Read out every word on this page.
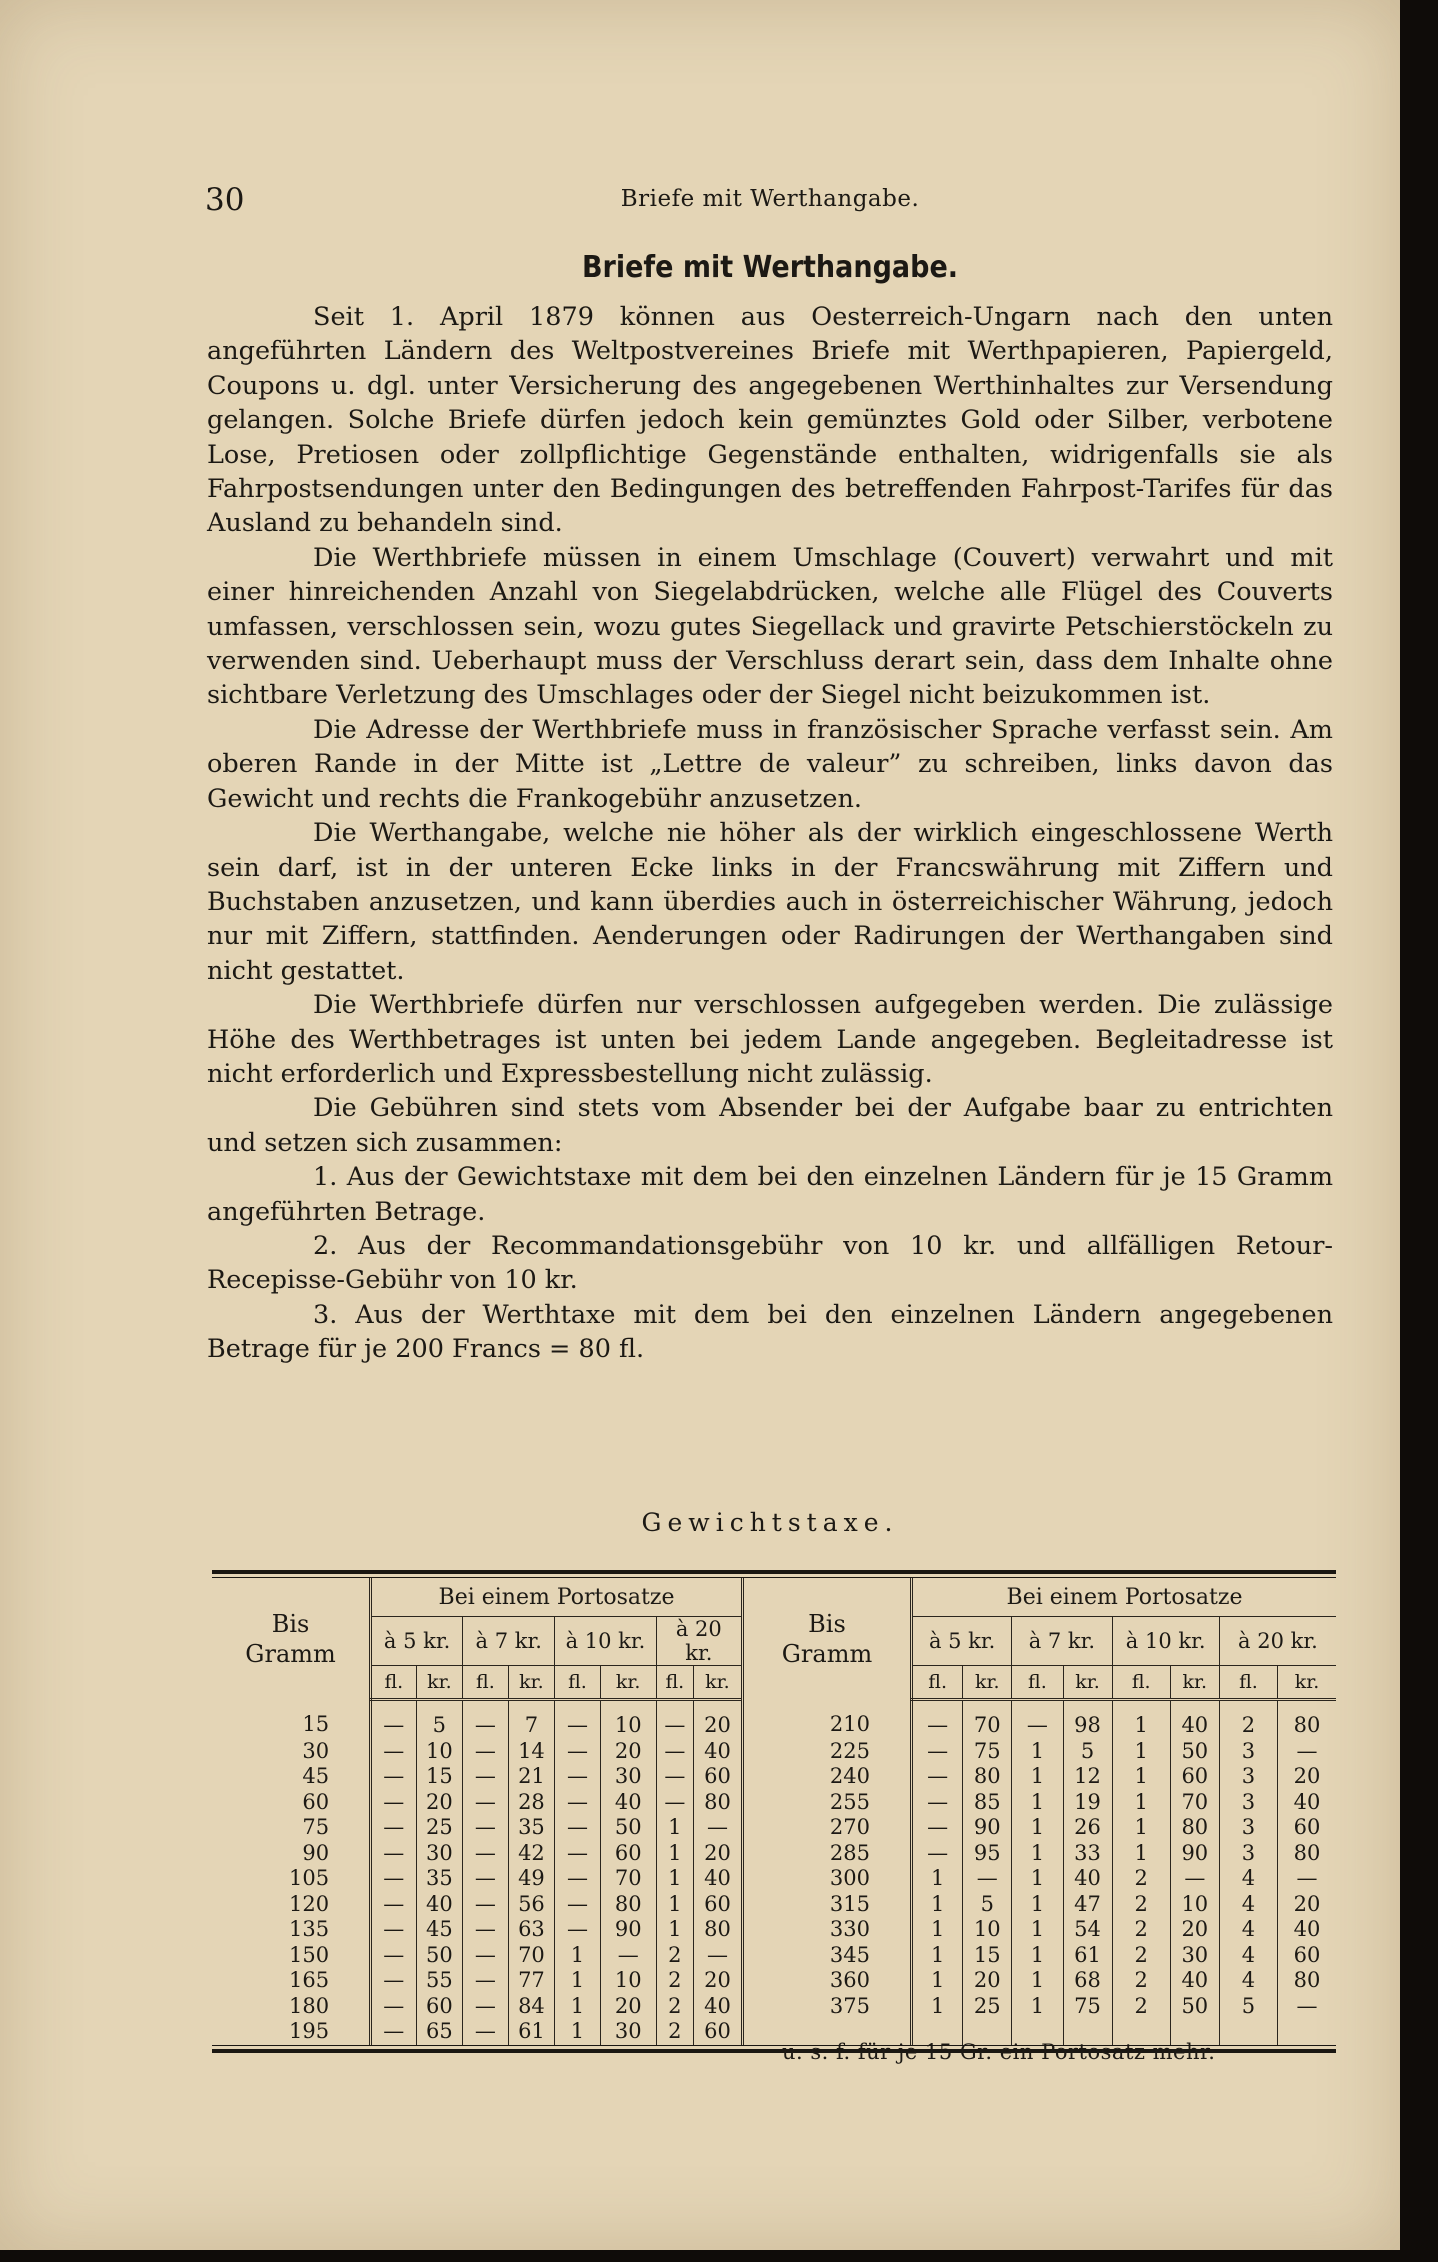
30	Briefe mit Werthangabe.
Briefe mit Werthangabe.

Seit 1. April 1879 können aus Oesterreich-Ungarn nach den unten angeführten Ländern des Weltpostvereines Briefe mit Werthpapieren, Papiergeld, Coupons u. dgl. unter Versicherung des angegebenen Werthinhaltes zur Versendung gelangen. Solche Briefe dürfen jedoch kein gemünztes Gold oder Silber, verbotene Lose, Pretiosen oder zollpflichtige Gegenstände enthalten, widrigenfalls sie als Fahrpostsendungen unter den Bedingungen des betreffenden Fahrpost-Tarifes für das Ausland zu behandeln sind.

Die Werthbriefe müssen in einem Umschlage (Couvert) verwahrt und mit einer hinreichenden Anzahl von Siegelabdrücken, welche alle Flügel des Couverts umfassen, verschlossen sein, wozu gutes Siegellack und gravirte Petschierstöckeln zu verwenden sind. Ueberhaupt muss der Verschluss derart sein, dass dem Inhalte ohne sichtbare Verletzung des Umschlages oder der Siegel nicht beizukommen ist.

Die Adresse der Werthbriefe muss in französischer Sprache verfasst sein. Am oberen Rande in der Mitte ist „Lettre de valeur” zu schreiben, links davon das Gewicht und rechts die Frankogebühr anzusetzen.

Die Werthangabe, welche nie höher als der wirklich eingeschlossene Werth sein darf, ist in der unteren Ecke links in der Francswährung mit Ziffern und Buchstaben anzusetzen, und kann überdies auch in österreichischer Währung, jedoch nur mit Ziffern, stattfinden. Aenderungen oder Radirungen der Werthangaben sind nicht gestattet.

Die Werthbriefe dürfen nur verschlossen aufgegeben werden. Die zulässige Höhe des Werthbetrages ist unten bei jedem Lande angegeben. Begleitadresse ist nicht erforderlich und Expressbestellung nicht zulässig.

Die Gebühren sind stets vom Absender bei der Aufgabe baar zu entrichten und setzen sich zusammen:

1. Aus der Gewichtstaxe mit dem bei den einzelnen Ländern für je 15 Gramm angeführten Betrage.

2. Aus der Recommandationsgebühr von 10 kr. und allfälligen Retour-Recepisse-Gebühr von 10 kr.

3. Aus der Werthtaxe mit dem bei den einzelnen Ländern angegebenen Betrage für je 200 Francs = 80 fl.

Gewichtstaxe.
Bis
Gramm	Bei einem Portosatze								Bis
Gramm	Bei einem Portosatze							
	à 5 kr.		à 7 kr.		à 10 kr.		à 20 kr.			à 5 kr.		à 7 kr.		à 10 kr.		à 20 kr.	
	fl.	kr.	fl.	kr.	fl.	kr.	fl.	kr.		fl.	kr.	fl.	kr.	fl.	kr.	fl.	kr.
15	—	5	—	7	—	10	—	20	210	—	70	—	98	1	40	2	80
30	—	10	—	14	—	20	—	40	225	—	75	1	5	1	50	3	—
45	—	15	—	21	—	30	—	60	240	—	80	1	12	1	60	3	20
60	—	20	—	28	—	40	—	80	255	—	85	1	19	1	70	3	40
75	—	25	—	35	—	50	1	—	270	—	90	1	26	1	80	3	60
90	—	30	—	42	—	60	1	20	285	—	95	1	33	1	90	3	80
105	—	35	—	49	—	70	1	40	300	1	—	1	40	2	—	4	—
120	—	40	—	56	—	80	1	60	315	1	5	1	47	2	10	4	20
135	—	45	—	63	—	90	1	80	330	1	10	1	54	2	20	4	40
150	—	50	—	70	1	—	2	—	345	1	15	1	61	2	30	4	60
165	—	55	—	77	1	10	2	20	360	1	20	1	68	2	40	4	80
180	—	60	—	84	1	20	2	40	375	1	25	1	75	2	50	5	—
195	—	65	—	61	1	30	2	60									
u. s. f. für je 15 Gr. ein Portosatz mehr.
